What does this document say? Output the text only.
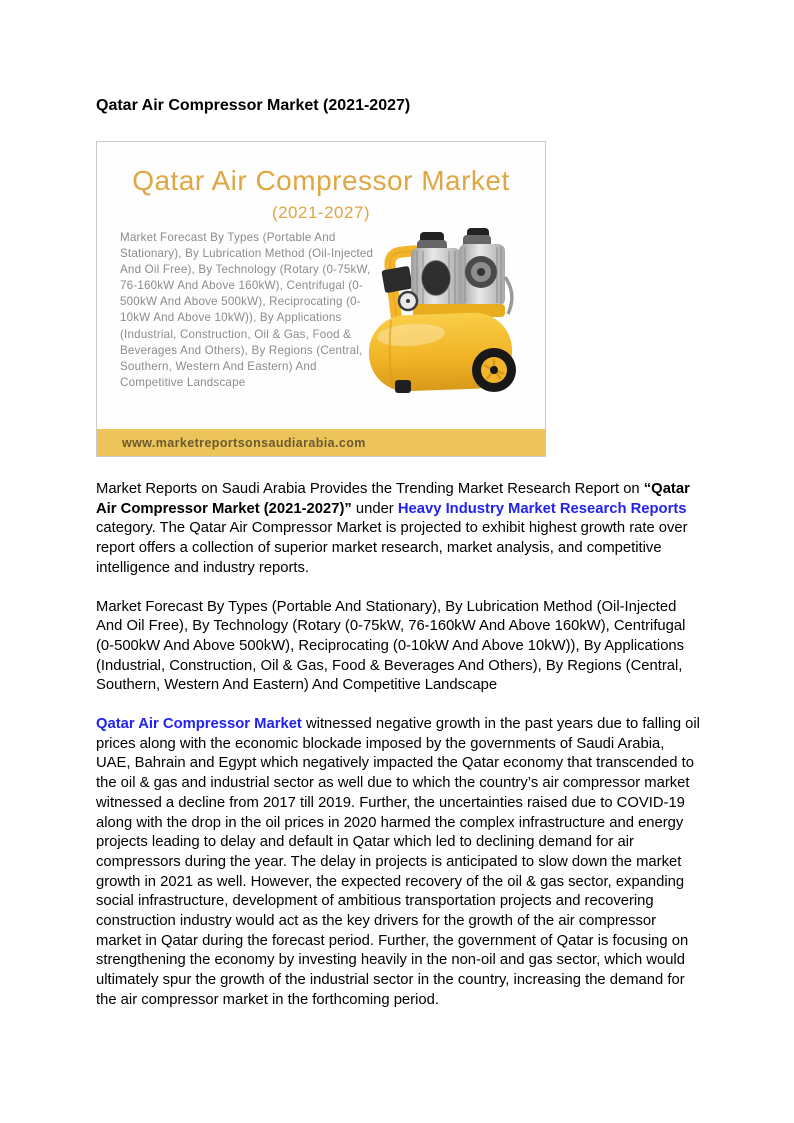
Qatar Air Compressor Market (2021-2027)
Qatar Air Compressor Market
(2021-2027)
Market Forecast By Types (Portable And Stationary), By Lubrication Method (Oil-Injected And Oil Free), By Technology (Rotary (0-75kW, 76-160kW And Above 160kW), Centrifugal (0-500kW And Above 500kW), Reciprocating (0-10kW And Above 10kW)), By Applications (Industrial, Construction, Oil & Gas, Food & Beverages And Others), By Regions (Central, Southern, Western And Eastern) And Competitive Landscape
www.marketreportsonsaudiarabia.com

Market Reports on Saudi Arabia Provides the Trending Market Research Report on “Qatar Air Compressor Market (2021-2027)” under Heavy Industry Market Research Reports category. The Qatar Air Compressor Market is projected to exhibit highest growth rate over report offers a collection of superior market research, market analysis, and competitive intelligence and industry reports.

Market Forecast By Types (Portable And Stationary), By Lubrication Method (Oil-Injected And Oil Free), By Technology (Rotary (0-75kW, 76-160kW And Above 160kW), Centrifugal (0-500kW And Above 500kW), Reciprocating (0-10kW And Above 10kW)), By Applications (Industrial, Construction, Oil & Gas, Food & Beverages And Others), By Regions (Central, Southern, Western And Eastern) And Competitive Landscape

Qatar Air Compressor Market witnessed negative growth in the past years due to falling oil prices along with the economic blockade imposed by the governments of Saudi Arabia, UAE, Bahrain and Egypt which negatively impacted the Qatar economy that transcended to the oil & gas and industrial sector as well due to which the country’s air compressor market witnessed a decline from 2017 till 2019. Further, the uncertainties raised due to COVID-19 along with the drop in the oil prices in 2020 harmed the complex infrastructure and energy projects leading to delay and default in Qatar which led to declining demand for air compressors during the year. The delay in projects is anticipated to slow down the market growth in 2021 as well. However, the expected recovery of the oil & gas sector, expanding social infrastructure, development of ambitious transportation projects and recovering construction industry would act as the key drivers for the growth of the air compressor market in Qatar during the forecast period. Further, the government of Qatar is focusing on strengthening the economy by investing heavily in the non-oil and gas sector, which would ultimately spur the growth of the industrial sector in the country, increasing the demand for the air compressor market in the forthcoming period.
